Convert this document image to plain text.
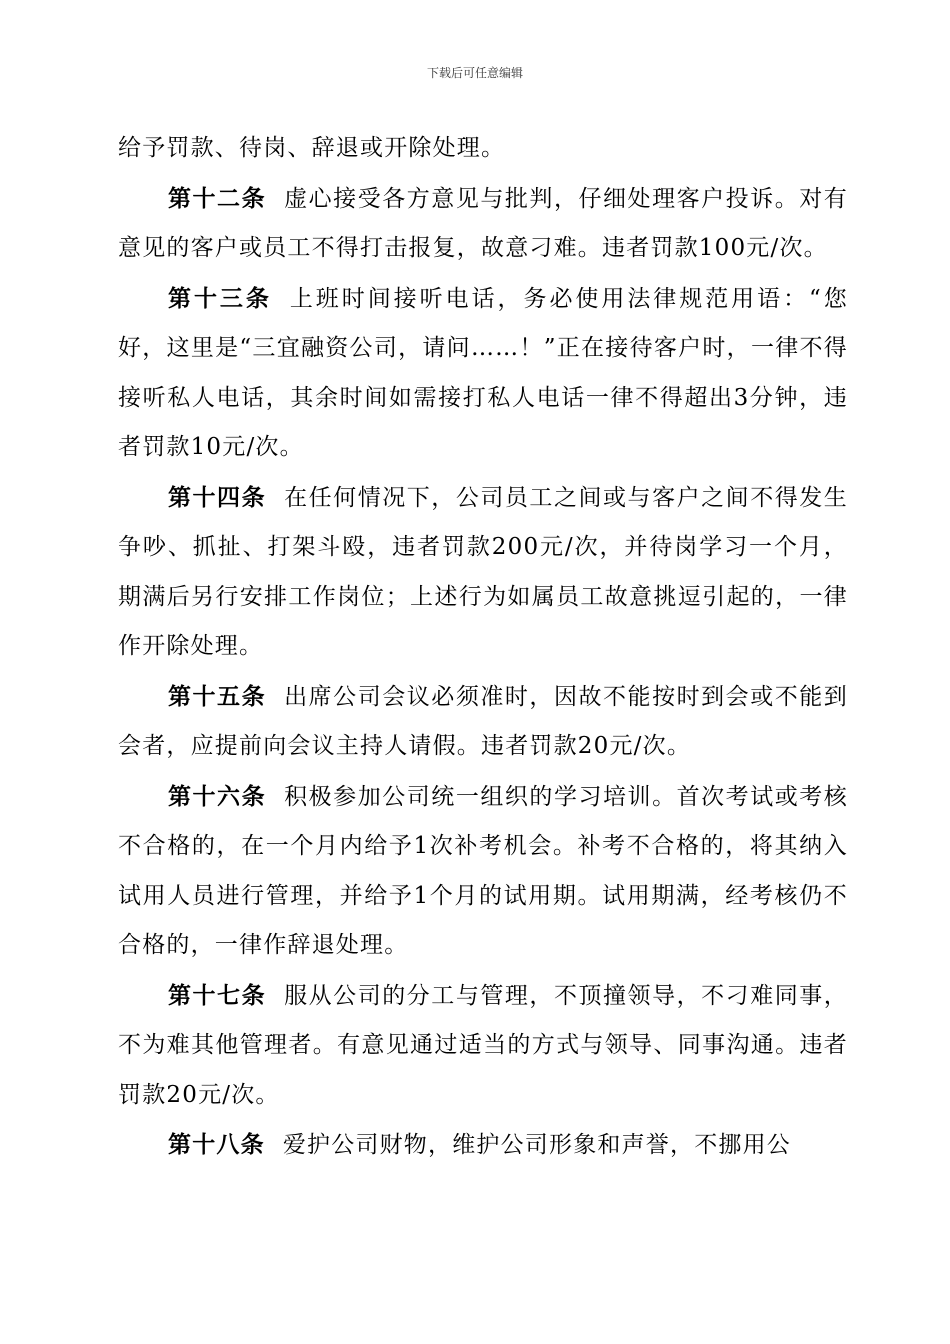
下载后可任意编辑

给予罚款、待岗、辞退或开除处理。

第十二条 虚心接受各方意见与批判，仔细处理客户投诉。对有意见的客户或员工不得打击报复，故意刁难。违者罚款100元/次。

第十三条 上班时间接听电话，务必使用法律规范用语：“您好，这里是“三宜融资公司，请问……！”正在接待客户时，一律不得接听私人电话，其余时间如需接打私人电话一律不得超出3分钟，违者罚款10元/次。

第十四条 在任何情况下，公司员工之间或与客户之间不得发生争吵、抓扯、打架斗殴，违者罚款200元/次，并待岗学习一个月，期满后另行安排工作岗位；上述行为如属员工故意挑逗引起的，一律作开除处理。

第十五条 出席公司会议必须准时，因故不能按时到会或不能到会者，应提前向会议主持人请假。违者罚款20元/次。

第十六条 积极参加公司统一组织的学习培训。首次考试或考核不合格的，在一个月内给予1次补考机会。补考不合格的，将其纳入试用人员进行管理，并给予1个月的试用期。试用期满，经考核仍不合格的，一律作辞退处理。

第十七条 服从公司的分工与管理，不顶撞领导，不刁难同事，不为难其他管理者。有意见通过适当的方式与领导、同事沟通。违者罚款20元/次。

第十八条 爱护公司财物，维护公司形象和声誉，不挪用公
